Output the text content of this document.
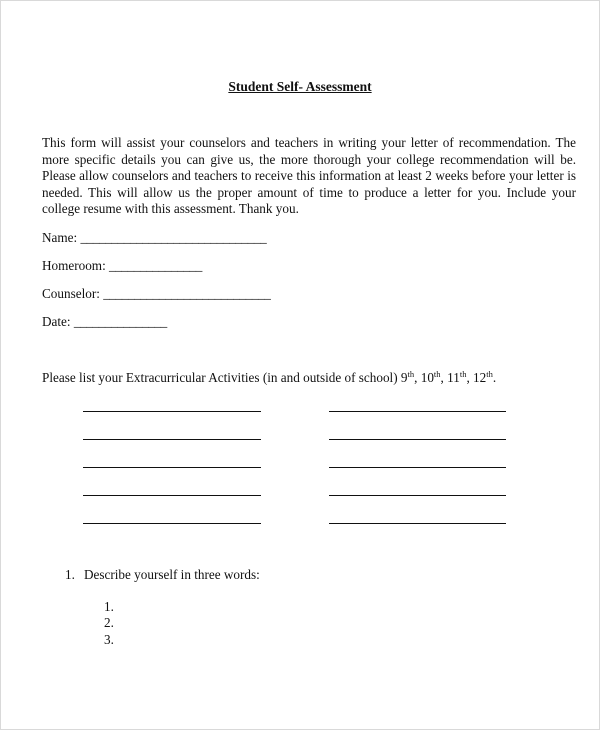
Student Self- Assessment
This form will assist your counselors and teachers in writing your letter of recommendation. The more specific details you can give us, the more thorough your college recommendation will be. Please allow counselors and teachers to receive this information at least 2 weeks before your letter is needed. This will allow us the proper amount of time to produce a letter for you. Include your college resume with this assessment. Thank you.
Name: ______________________________
Homeroom: _______________
Counselor: ___________________________
Date: _______________
Please list your Extracurricular Activities (in and outside of school) 9th, 10th, 11th, 12th.
1. Describe yourself in three words:
1.
2.
3.
